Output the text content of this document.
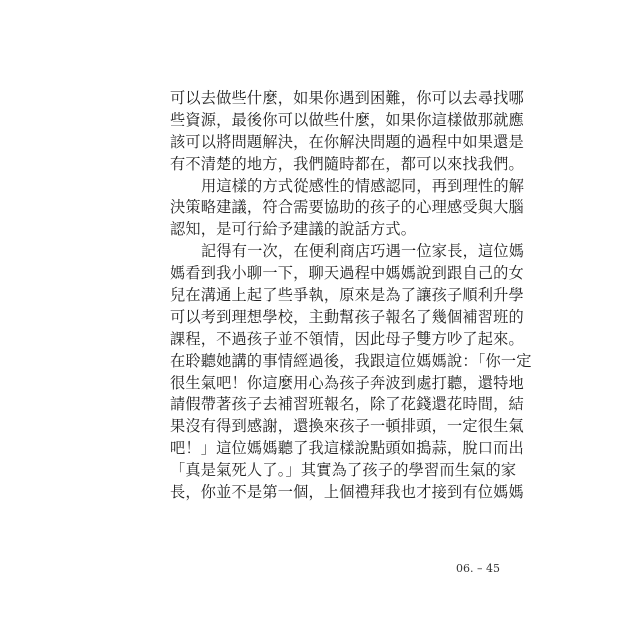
可以去做些什麼，如果你遇到困難，你可以去尋找哪
些資源，最後你可以做些什麼，如果你這樣做那就應
該可以將問題解決，在你解決問題的過程中如果還是
有不清楚的地方，我們隨時都在，都可以來找我們。
用這樣的方式從感性的情感認同，再到理性的解
決策略建議，符合需要協助的孩子的心理感受與大腦
認知，是可行給予建議的說話方式。
記得有一次，在便利商店巧遇一位家長，這位媽
媽看到我小聊一下，聊天過程中媽媽說到跟自己的女
兒在溝通上起了些爭執，原來是為了讓孩子順利升學
可以考到理想學校，主動幫孩子報名了幾個補習班的
課程，不過孩子並不領情，因此母子雙方吵了起來。
在聆聽她講的事情經過後，我跟這位媽媽說：「你一定
很生氣吧！你這麼用心為孩子奔波到處打聽，還特地
請假帶著孩子去補習班報名，除了花錢還花時間，結
果沒有得到感謝，還換來孩子一頓排頭，一定很生氣
吧！」這位媽媽聽了我這樣說點頭如搗蒜，脫口而出
「真是氣死人了。」其實為了孩子的學習而生氣的家
長，你並不是第一個，上個禮拜我也才接到有位媽媽
06. – 45
